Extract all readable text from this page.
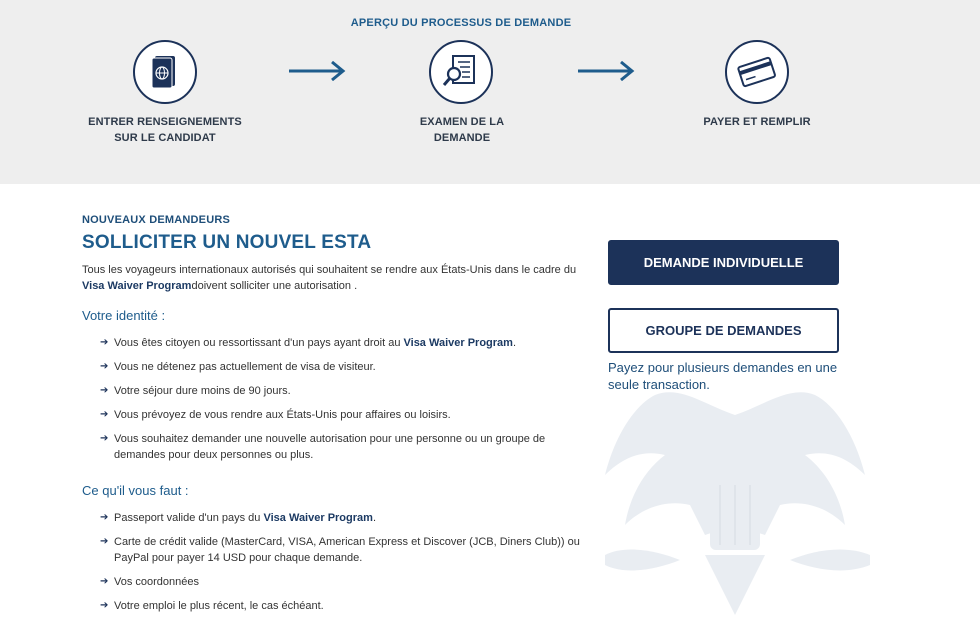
APERÇU DU PROCESSUS DE DEMANDE
ENTRER RENSEIGNEMENTS
SUR LE CANDIDAT
EXAMEN DE LA
DEMANDE
PAYER ET REMPLIR
NOUVEAUX DEMANDEURS
SOLLICITER UN NOUVEL ESTA

Tous les voyageurs internationaux autorisés qui souhaitent se rendre aux États-Unis dans le cadre du Visa Waiver Programdoivent solliciter une autorisation .

Votre identité :
➔ Vous êtes citoyen ou ressortissant d'un pays ayant droit au Visa Waiver Program.
➔ Vous ne détenez pas actuellement de visa de visiteur.
➔ Votre séjour dure moins de 90 jours.
➔ Vous prévoyez de vous rendre aux États-Unis pour affaires ou loisirs.
➔ Vous souhaitez demander une nouvelle autorisation pour une personne ou un groupe de demandes pour deux personnes ou plus.
Ce qu'il vous faut :
➔ Passeport valide d'un pays du Visa Waiver Program.
➔ Carte de crédit valide (MasterCard, VISA, American Express et Discover (JCB, Diners Club)) ou PayPal pour payer 14 USD pour chaque demande.
➔ Vos coordonnées
➔ Votre emploi le plus récent, le cas échéant.
DEMANDE INDIVIDUELLE
GROUPE DE DEMANDES

Payez pour plusieurs demandes en une seule transaction.
